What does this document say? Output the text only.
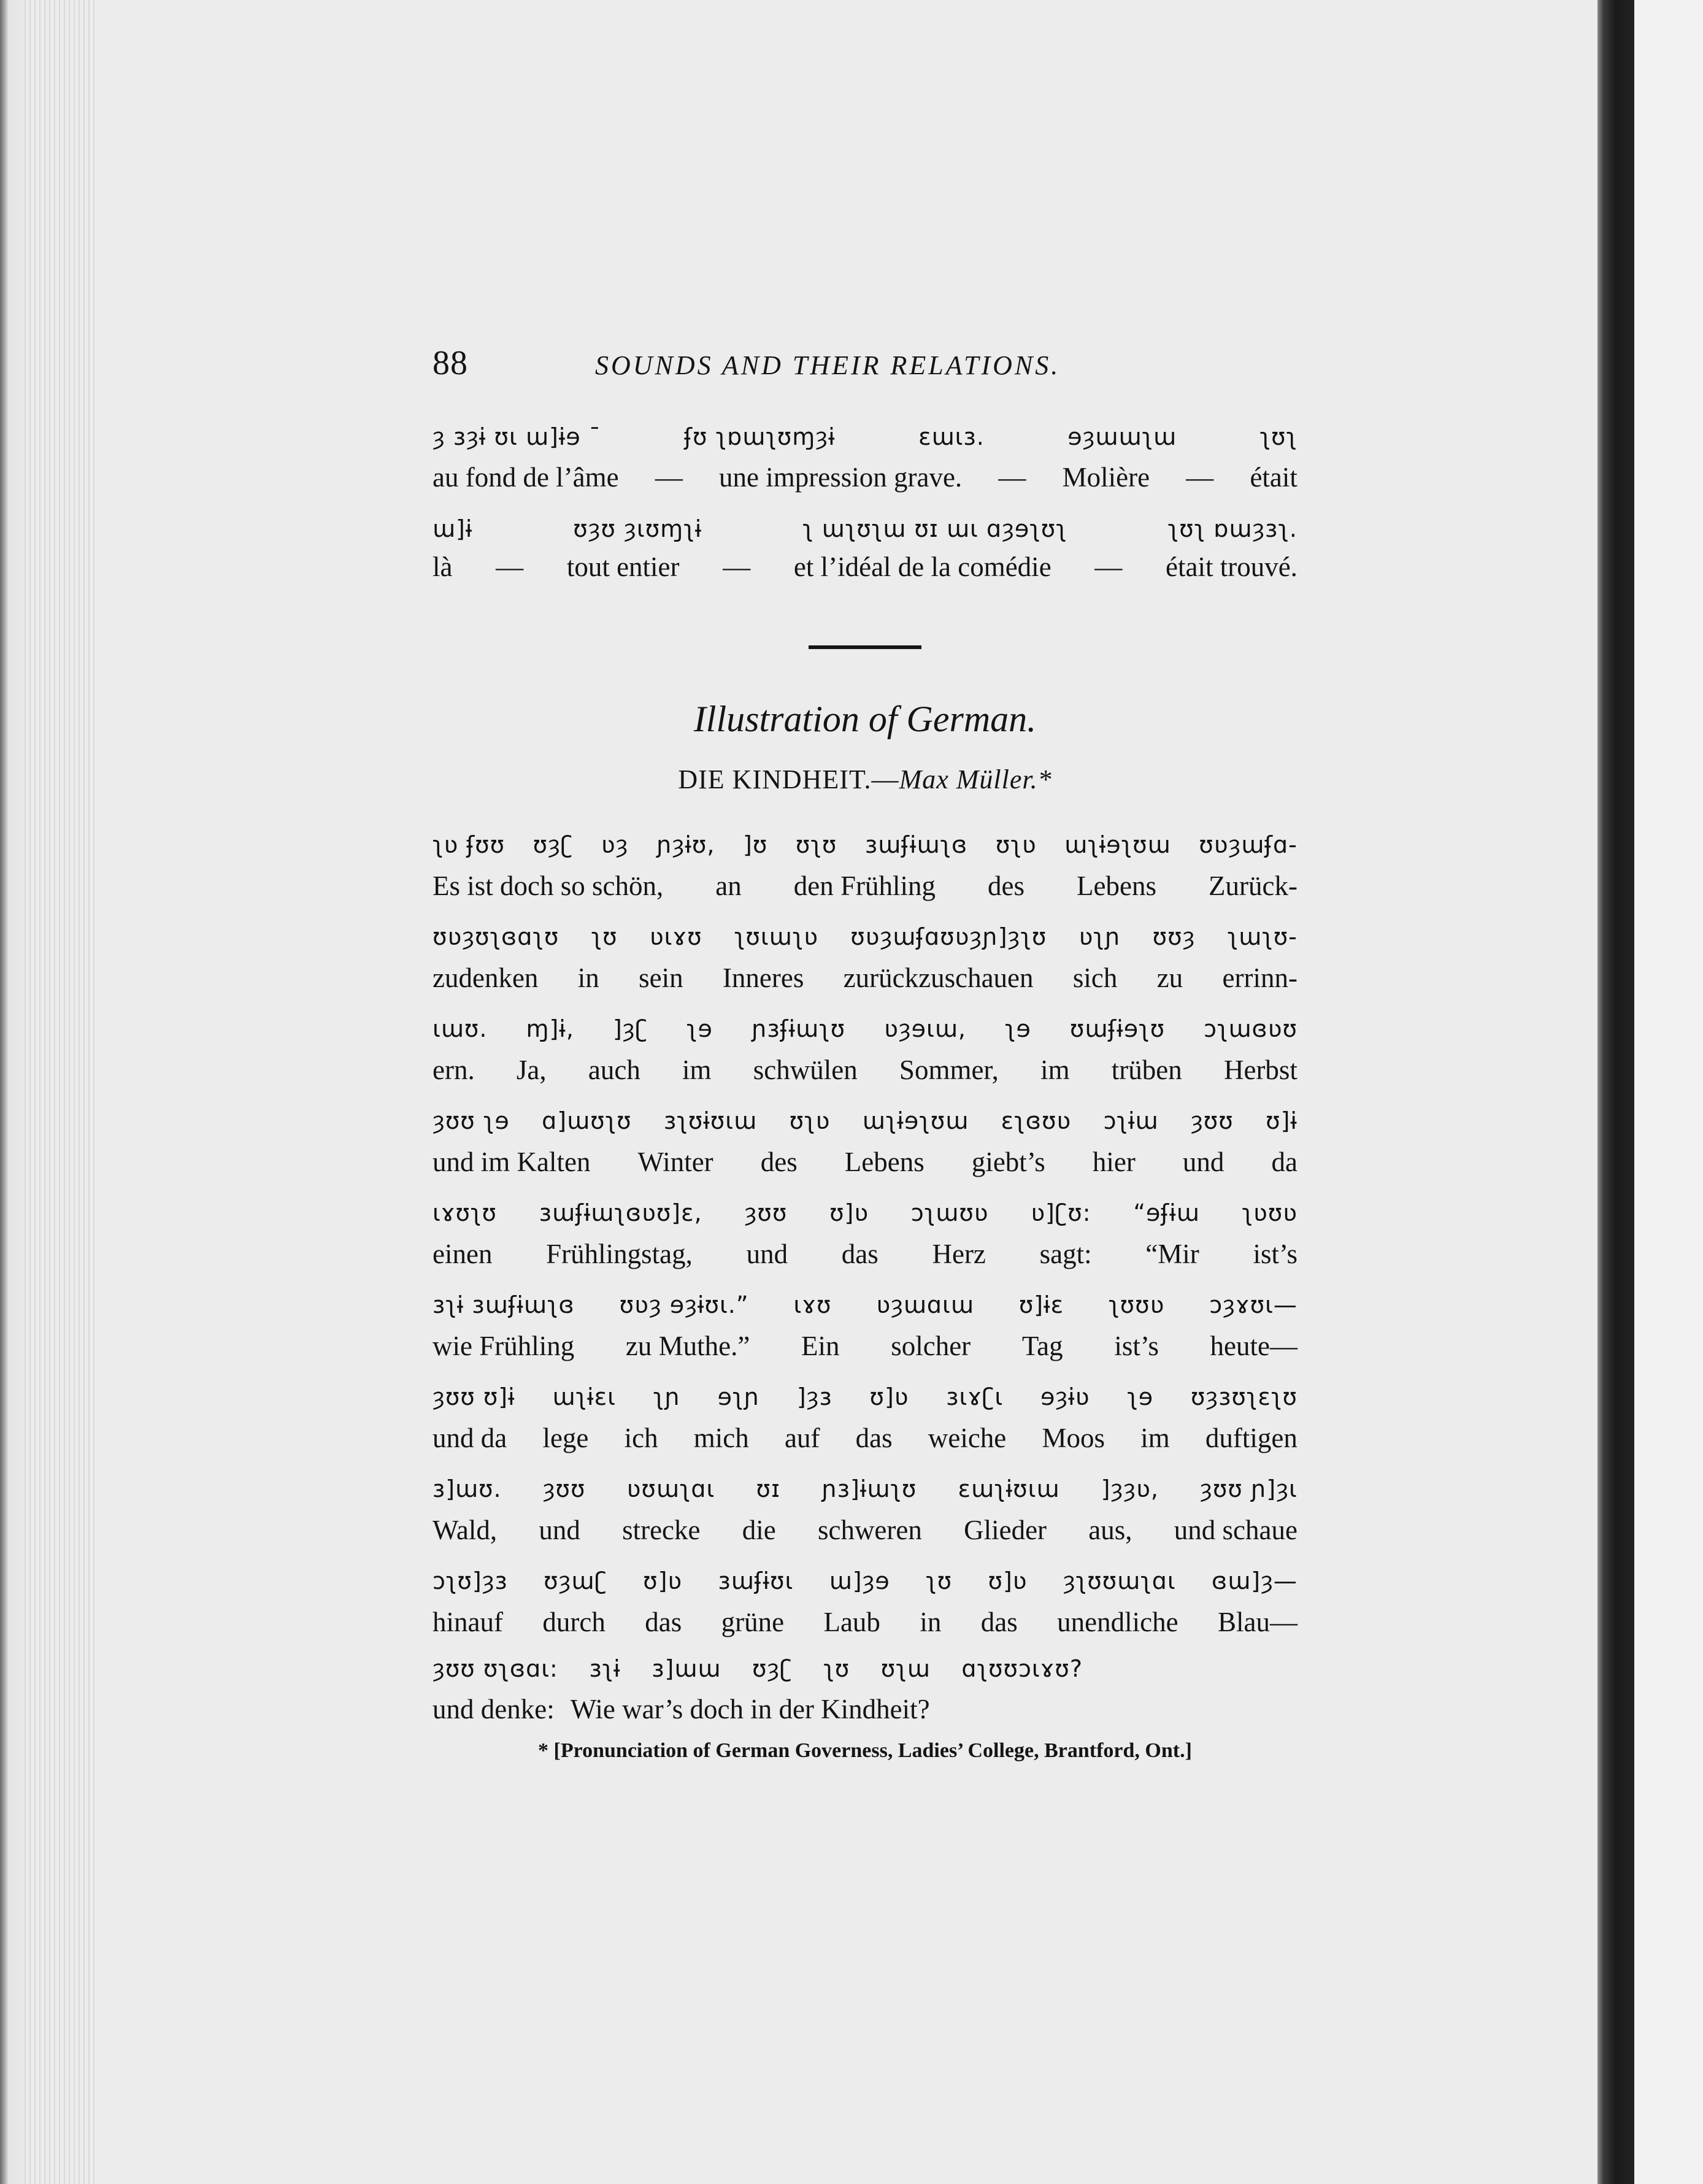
88	SOUNDS AND THEIR RELATIONS.
ȝ ɜȝɨ ʊɩ ɯ]ɨɘ ˉ	ʄʊ ʅɒɯʅʊɱȝɨ	ɛɯɩɜ.	ɘȝɯɯʅɯ	ʅʊʅ
au fond de l’âme — une impression grave. — Molière — était
ɯ]ɨ	ʊȝʊ ȝɩʊɱʅɨ	ʅ ɯʅʊʅɯ ʊɪ ɯɩ ɑȝɘʅʊʅ	ʅʊʅ ɒɯȝɜʅ.
là — tout entier — et l’idéal de la comédie — était trouvé.
Illustration of German.
DIE KINDHEIT.—Max Müller.*
ʅʋ ʄʊʊ ʊȝʗ ʋȝ ɲȝɨʊ, ]ʊ ʊʅʊ ɜɯʄɨɯʅɞ ʊʅʋ ɯʅɨɘʅʊɯ ʊʋȝɯʄɑ-
Es ist doch so schön, an den Frühling des Lebens Zurück-
ʊʋȝʊʅɞɑʅʊ ʅʊ ʋɩɤʊ ʅʊɩɯʅʋ ʊʋȝɯʄɑʊʋȝɲ]ȝʅʊ ʋʅɲ ʊʊȝ ʅɯʅʊ-
zudenken in sein Inneres zurückzuschauen sich zu errinn-
ɩɯʊ. ɱ]ɨ, ]ȝʗ ʅɘ ɲɜʄɨɯʅʊ ʋȝɘɩɯ, ʅɘ ʊɯʄɨɘʅʊ ɔʅɯɞʋʊ
ern. Ja, auch im schwülen Sommer, im trüben Herbst
ȝʊʊ ʅɘ ɑ]ɯʊʅʊ ɜʅʊɨʊɩɯ ʊʅʋ ɯʅɨɘʅʊɯ ɛʅɞʊʋ ɔʅɨɯ ȝʊʊ ʊ]ɨ
und im Kalten Winter des Lebens giebt’s hier und da
ɩɤʊʅʊ ɜɯʄɨɯʅɞʋʊ]ɛ, ȝʊʊ ʊ]ʋ ɔʅɯʊʋ ʋ]ʗʊ: “ɘʄɨɯ ʅʋʊʋ
einen Frühlingstag, und das Herz sagt: “Mir ist’s
ɜʅɨ ɜɯʄɨɯʅɞ ʊʋȝ ɘȝɨʊɩ.” ɩɤʊ ʋȝɯɑɩɯ ʊ]ɨɛ ʅʊʊʋ ɔȝɤʊɩ—
wie Frühling zu Muthe.” Ein solcher Tag ist’s heute—
ȝʊʊ ʊ]ɨ ɯʅɨɛɩ ʅɲ ɘʅɲ ]ȝɜ ʊ]ʋ ɜɩɤʗɩ ɘȝɨʋ ʅɘ ʊȝɜʊʅɛʅʊ
und da lege ich mich auf das weiche Moos im duftigen
ɜ]ɯʊ. ȝʊʊ ʋʊɯʅɑɩ ʊɪ ɲɜ]ɨɯʅʊ ɛɯʅɨʊɩɯ ]ȝȝʋ, ȝʊʊ ɲ]ȝɩ
Wald, und strecke die schweren Glieder aus, und schaue
ɔʅʊ]ȝɜ ʊȝɯʗ ʊ]ʋ ɜɯʄɨʊɩ ɯ]ȝɘ ʅʊ ʊ]ʋ ȝʅʊʊɯʅɑɩ ɞɯ]ȝ—
hinauf durch das grüne Laub in das unendliche Blau—
ȝʊʊ ʊʅɞɑɩ: ɜʅɨ ɜ]ɯɯ ʊȝʗ ʅʊ ʊʅɯ ɑʅʊʊɔɩɤʊ?
und denke: Wie war’s doch in der Kindheit?
* [Pronunciation of German Governess, Ladies’ College, Brantford, Ont.]
